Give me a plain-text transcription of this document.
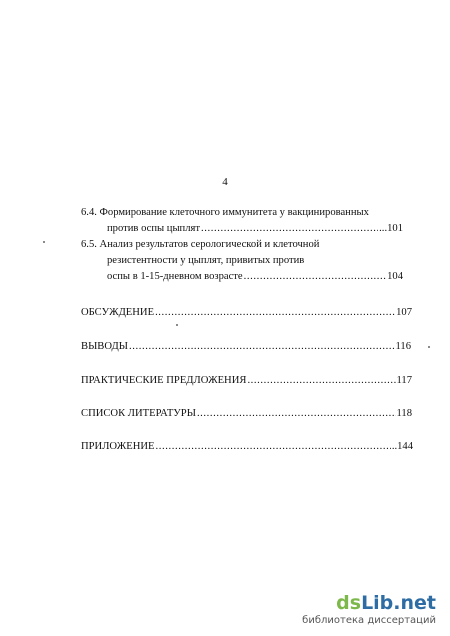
4
6.4. Формирование клеточного иммунитета у вакцинированных
против оспы цыплят .....	...101
6.5. Анализ результатов серологической и клеточной
резистентности у цыплят, привитых против
оспы в 1-15-дневном возрасте .....	104
ОБСУЖДЕНИЕ .....	107
ВЫВОДЫ .....	116
ПРАКТИЧЕСКИЕ ПРЕДЛОЖЕНИЯ .....	117
СПИСОК ЛИТЕРАТУРЫ .....	118
ПРИЛОЖЕНИЕ .....	..144
dsLib.net
библиотека диссертаций
